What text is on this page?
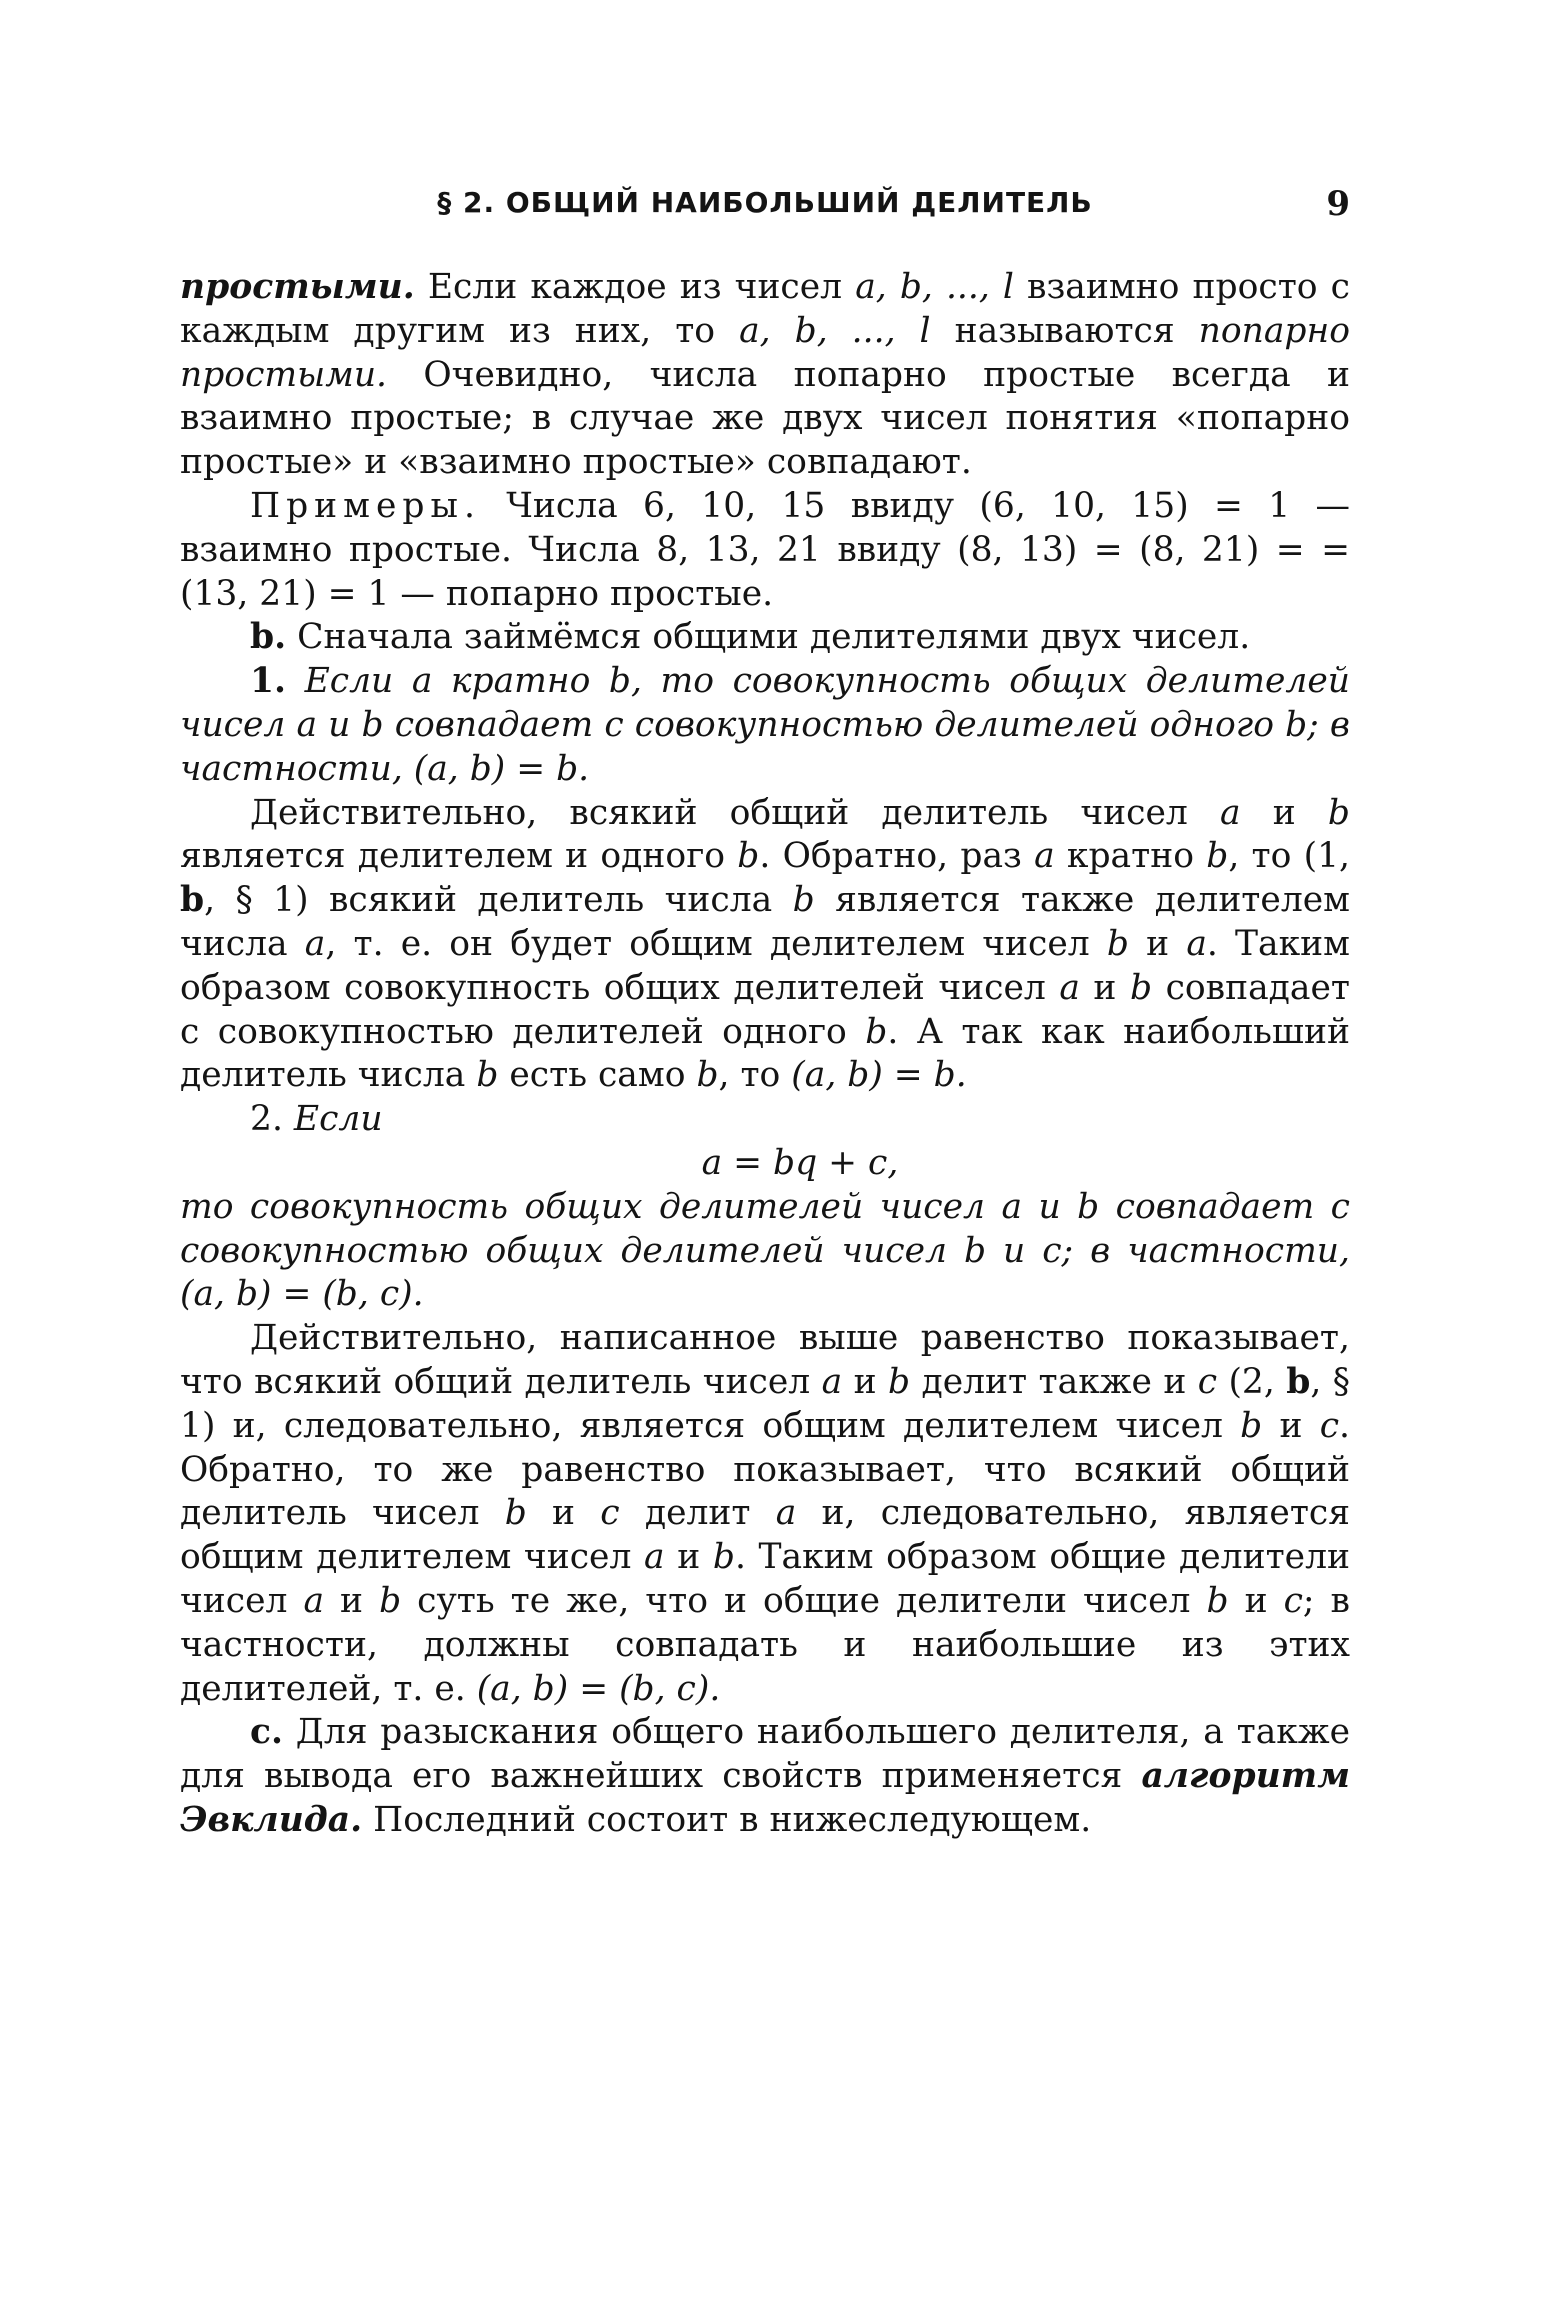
§ 2. ОБЩИЙ НАИБОЛЬШИЙ ДЕЛИТЕЛЬ	9

простыми. Если каждое из чисел a, b, ..., l взаимно просто с каждым другим из них, то a, b, ..., l называются попарно простыми. Очевидно, числа попарно простые всегда и взаимно простые; в случае же двух чисел понятия «попарно простые» и «взаимно простые» совпадают.

Примеры. Числа 6, 10, 15 ввиду (6, 10, 15) = 1 — взаимно простые. Числа 8, 13, 21 ввиду (8, 13) = (8, 21) = = (13, 21) = 1 — попарно простые.

b. Сначала займёмся общими делителями двух чисел.

1. Если a кратно b, то совокупность общих делителей чисел a и b совпадает с совокупностью делителей одного b; в частности, (a, b) = b.

Действительно, всякий общий делитель чисел a и b является делителем и одного b. Обратно, раз a кратно b, то (1, b, § 1) всякий делитель числа b является также делителем числа a, т. е. он будет общим делителем чисел b и a. Таким образом совокупность общих делителей чисел a и b совпадает с совокупностью делителей одного b. А так как наибольший делитель числа b есть само b, то (a, b) = b.

2. Если

a = bq + c,

то совокупность общих делителей чисел a и b совпадает с совокупностью общих делителей чисел b и c; в частности, (a, b) = (b, c).

Действительно, написанное выше равенство показывает, что всякий общий делитель чисел a и b делит также и c (2, b, § 1) и, следовательно, является общим делителем чисел b и c. Обратно, то же равенство показывает, что всякий общий делитель чисел b и c делит a и, следовательно, является общим делителем чисел a и b. Таким образом общие делители чисел a и b суть те же, что и общие делители чисел b и c; в частности, должны совпадать и наибольшие из этих делителей, т. е. (a, b) = (b, c).

c. Для разыскания общего наибольшего делителя, а также для вывода его важнейших свойств применяется алгоритм Эвклида. Последний состоит в нижеследующем.
